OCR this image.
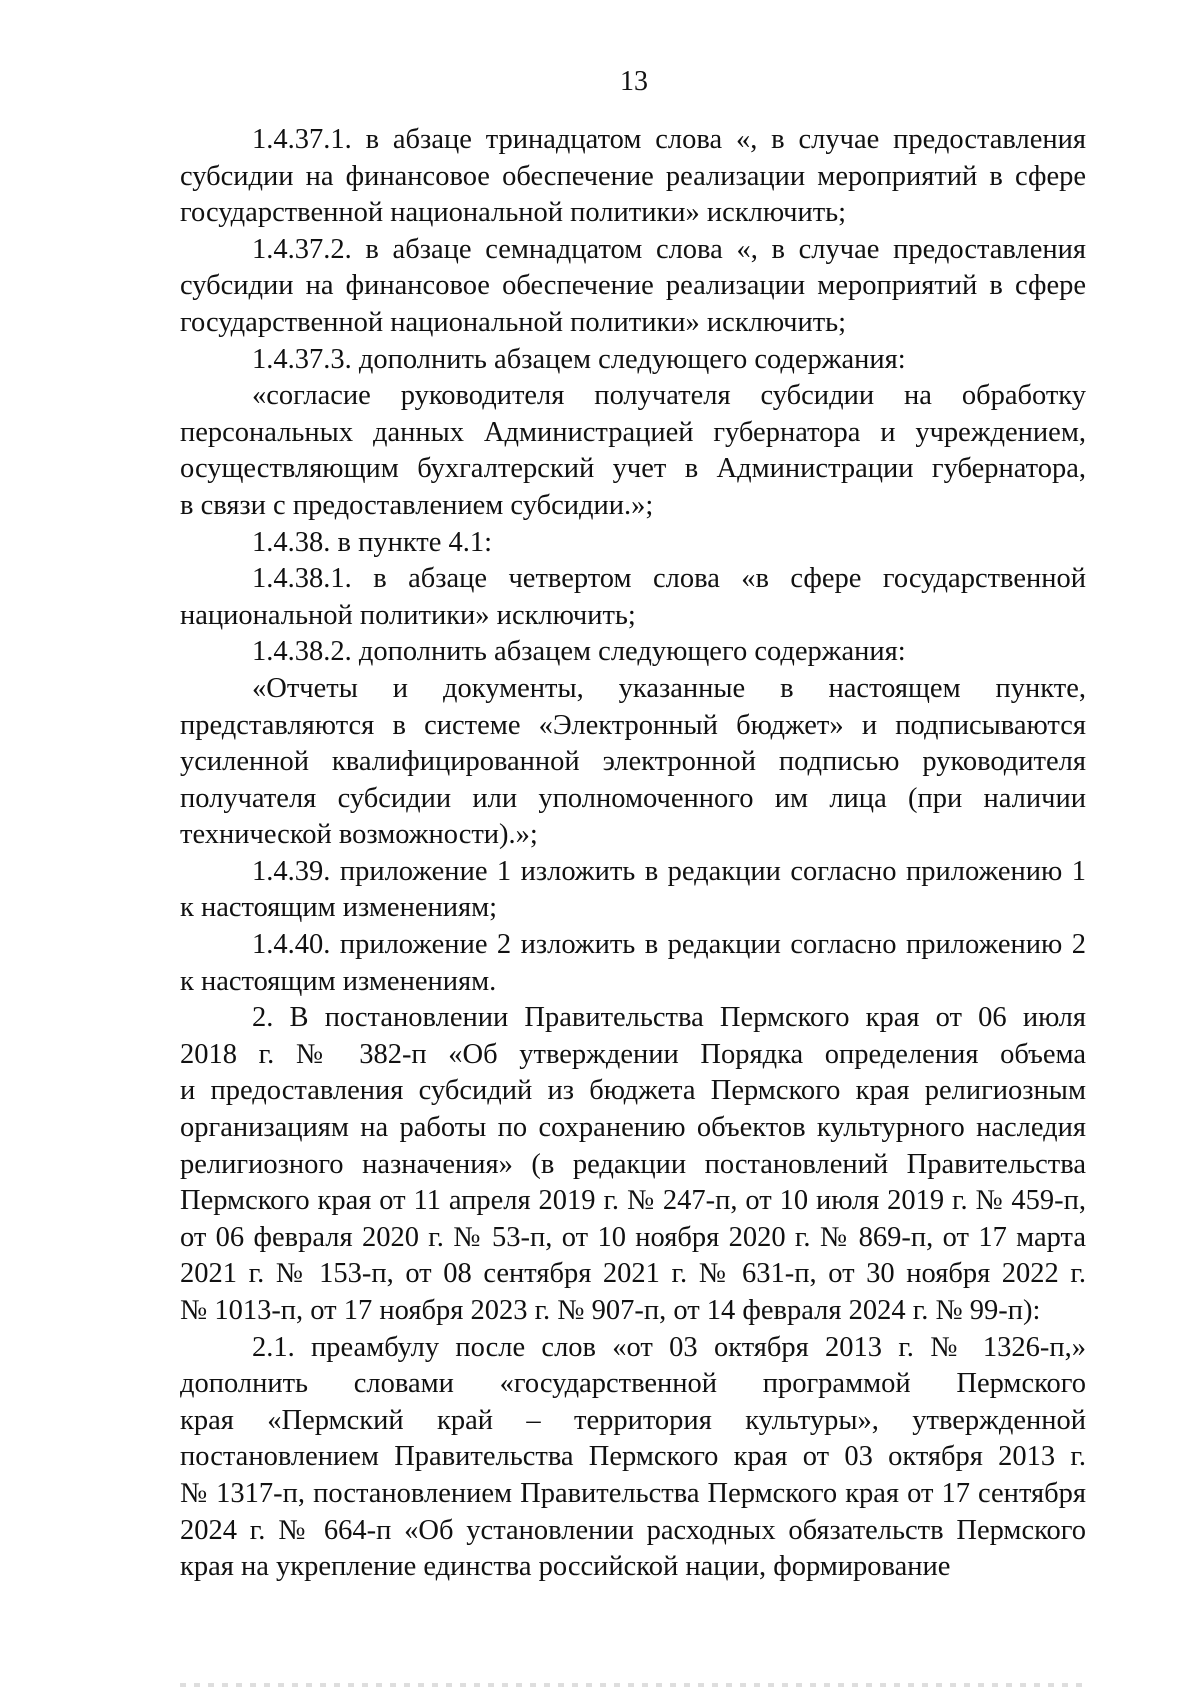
13

1.4.37.1. в абзаце тринадцатом слова «, в случае предоставления
субсидии на финансовое обеспечение реализации мероприятий в сфере
государственной национальной политики» исключить;

1.4.37.2. в абзаце семнадцатом слова «, в случае предоставления
субсидии на финансовое обеспечение реализации мероприятий в сфере
государственной национальной политики» исключить;

1.4.37.3. дополнить абзацем следующего содержания:

«согласие руководителя получателя субсидии на обработку
персональных данных Администрацией губернатора и учреждением,
осуществляющим бухгалтерский учет в Администрации губернатора,
в связи с предоставлением субсидии.»;

1.4.38. в пункте 4.1:

1.4.38.1. в абзаце четвертом слова «в сфере государственной
национальной политики» исключить;

1.4.38.2. дополнить абзацем следующего содержания:

«Отчеты и документы, указанные в настоящем пункте,
представляются в системе «Электронный бюджет» и подписываются
усиленной квалифицированной электронной подписью руководителя
получателя субсидии или уполномоченного им лица (при наличии
технической возможности).»;

1.4.39. приложение 1 изложить в редакции согласно приложению 1
к настоящим изменениям;

1.4.40. приложение 2 изложить в редакции согласно приложению 2
к настоящим изменениям.

2. В постановлении Правительства Пермского края от 06 июля
2018 г. № 382-п «Об утверждении Порядка определения объема
и предоставления субсидий из бюджета Пермского края религиозным
организациям на работы по сохранению объектов культурного наследия
религиозного назначения» (в редакции постановлений Правительства
Пермского края от 11 апреля 2019 г. № 247-п, от 10 июля 2019 г. № 459-п,
от 06 февраля 2020 г. № 53-п, от 10 ноября 2020 г. № 869-п, от 17 марта
2021 г. № 153-п, от 08 сентября 2021 г. № 631-п, от 30 ноября 2022 г.
№ 1013-п, от 17 ноября 2023 г. № 907-п, от 14 февраля 2024 г. № 99-п):

2.1. преамбулу после слов «от 03 октября 2013 г. № 1326-п,»
дополнить словами «государственной программой Пермского
края «Пермский край – территория культуры», утвержденной
постановлением Правительства Пермского края от 03 октября 2013 г.
№ 1317-п, постановлением Правительства Пермского края от 17 сентября
2024 г. № 664-п «Об установлении расходных обязательств Пермского
края на укрепление единства российской нации, формирование
